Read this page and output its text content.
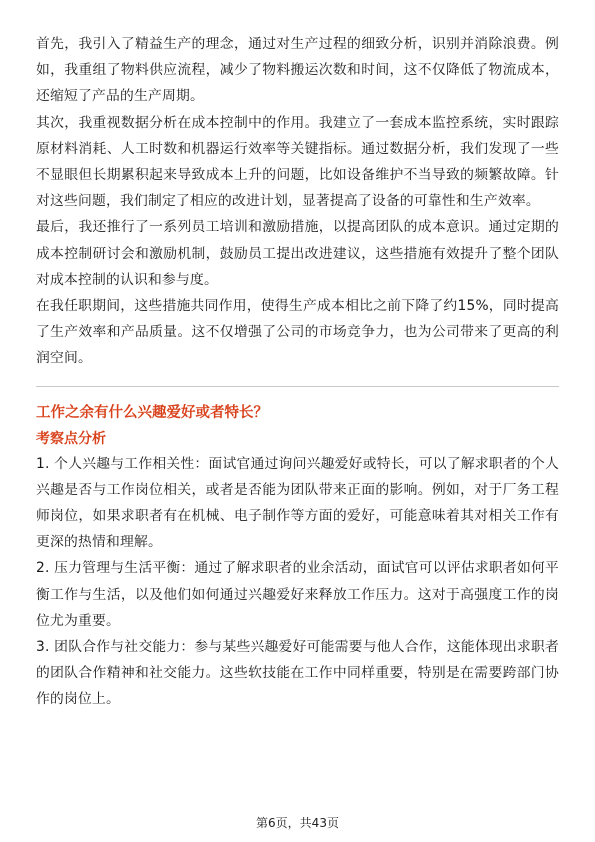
首先，我引入了精益生产的理念，通过对生产过程的细致分析，识别并消除浪费。例如，我重组了物料供应流程，减少了物料搬运次数和时间，这不仅降低了物流成本，还缩短了产品的生产周期。

其次，我重视数据分析在成本控制中的作用。我建立了一套成本监控系统，实时跟踪原材料消耗、人工时数和机器运行效率等关键指标。通过数据分析，我们发现了一些不显眼但长期累积起来导致成本上升的问题，比如设备维护不当导致的频繁故障。针对这些问题，我们制定了相应的改进计划，显著提高了设备的可靠性和生产效率。

最后，我还推行了一系列员工培训和激励措施，以提高团队的成本意识。通过定期的成本控制研讨会和激励机制，鼓励员工提出改进建议，这些措施有效提升了整个团队对成本控制的认识和参与度。

在我任职期间，这些措施共同作用，使得生产成本相比之前下降了约15%，同时提高了生产效率和产品质量。这不仅增强了公司的市场竞争力，也为公司带来了更高的利润空间。

工作之余有什么兴趣爱好或者特长？

考察点分析

1. 个人兴趣与工作相关性：面试官通过询问兴趣爱好或特长，可以了解求职者的个人兴趣是否与工作岗位相关，或者是否能为团队带来正面的影响。例如，对于厂务工程师岗位，如果求职者有在机械、电子制作等方面的爱好，可能意味着其对相关工作有更深的热情和理解。

2. 压力管理与生活平衡：通过了解求职者的业余活动，面试官可以评估求职者如何平衡工作与生活，以及他们如何通过兴趣爱好来释放工作压力。这对于高强度工作的岗位尤为重要。

3. 团队合作与社交能力：参与某些兴趣爱好可能需要与他人合作，这能体现出求职者的团队合作精神和社交能力。这些软技能在工作中同样重要，特别是在需要跨部门协作的岗位上。

第6页，共43页
